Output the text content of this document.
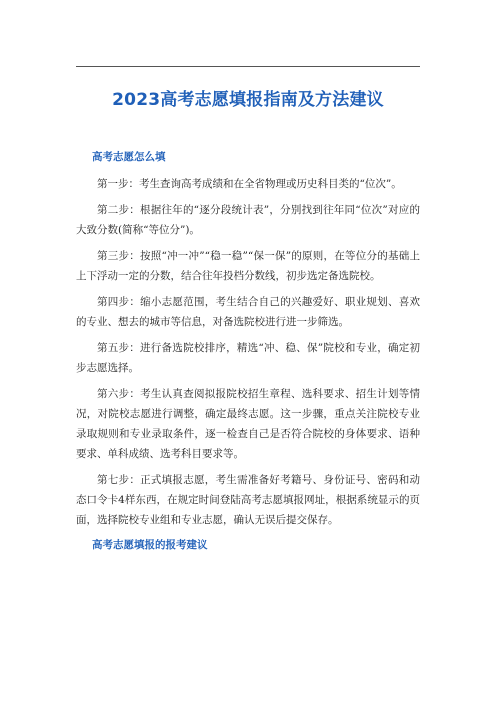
2023高考志愿填报指南及方法建议
高考志愿怎么填

第一步：考生查询高考成绩和在全省物理或历史科目类的“位次”。

第二步：根据往年的“逐分段统计表”，分别找到往年同“位次”对应的大致分数(简称“等位分”)。

第三步：按照“冲一冲”“稳一稳”“保一保”的原则，在等位分的基础上上下浮动一定的分数，结合往年投档分数线，初步选定备选院校。

第四步：缩小志愿范围，考生结合自己的兴趣爱好、职业规划、喜欢的专业、想去的城市等信息，对备选院校进行进一步筛选。

第五步：进行备选院校排序，精选“冲、稳、保”院校和专业，确定初步志愿选择。

第六步：考生认真查阅拟报院校招生章程、选科要求、招生计划等情况，对院校志愿进行调整，确定最终志愿。这一步骤，重点关注院校专业录取规则和专业录取条件，逐一检查自己是否符合院校的身体要求、语种要求、单科成绩、选考科目要求等。

第七步：正式填报志愿，考生需准备好考籍号、身份证号、密码和动态口令卡4样东西，在规定时间登陆高考志愿填报网址，根据系统显示的页面，选择院校专业组和专业志愿，确认无误后提交保存。

高考志愿填报的报考建议
